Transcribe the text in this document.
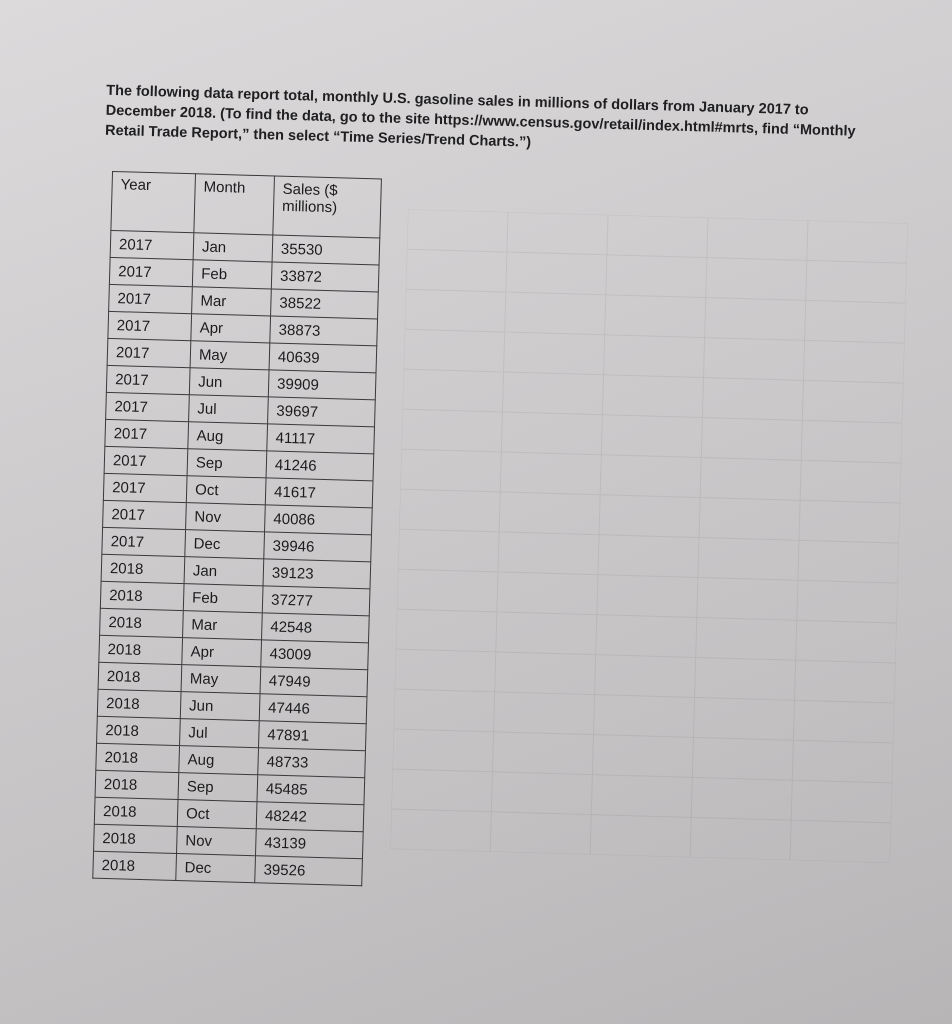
The following data report total, monthly U.S. gasoline sales in millions of dollars from January 2017 to December 2018. (To find the data, go to the site https://www.census.gov/retail/index.html#mrts, find “Monthly Retail Trade Report,” then select “Time Series/Trend Charts.”)

Year	Month	Sales ($ millions)
2017	Jan	35530
2017	Feb	33872
2017	Mar	38522
2017	Apr	38873
2017	May	40639
2017	Jun	39909
2017	Jul	39697
2017	Aug	41117
2017	Sep	41246
2017	Oct	41617
2017	Nov	40086
2017	Dec	39946
2018	Jan	39123
2018	Feb	37277
2018	Mar	42548
2018	Apr	43009
2018	May	47949
2018	Jun	47446
2018	Jul	47891
2018	Aug	48733
2018	Sep	45485
2018	Oct	48242
2018	Nov	43139
2018	Dec	39526
